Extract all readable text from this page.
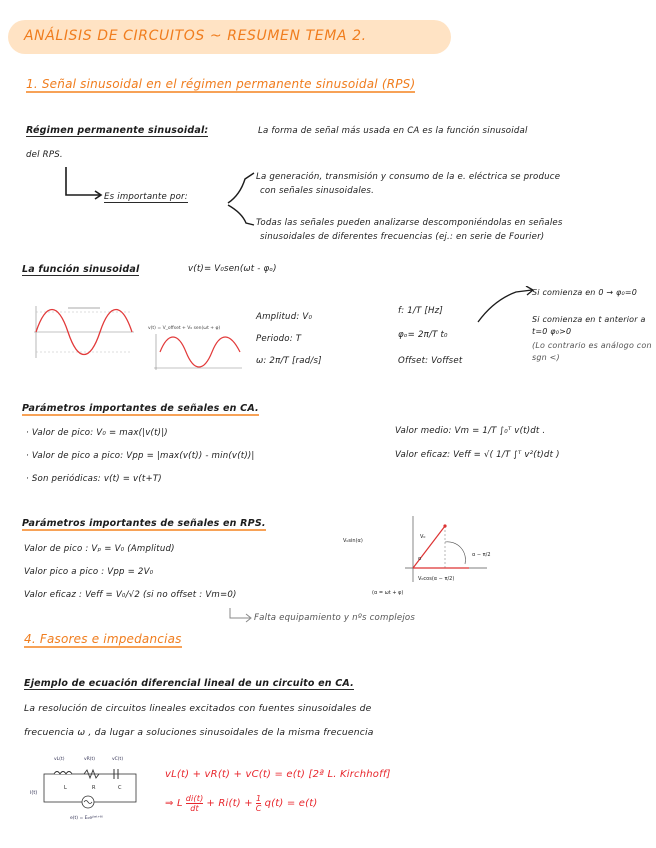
ANÁLISIS DE CIRCUITOS ~ RESUMEN TEMA 2.
1. Señal sinusoidal en el régimen permanente sinusoidal (RPS)
Régimen permanente sinusoidal:	La forma de señal más usada en CA es la función sinusoidal
del RPS.
Es importante por:
La generación, transmisión y consumo de la e. eléctrica se produce
con señales sinusoidales.
Todas las señales pueden analizarse descomponiéndolas en señales
sinusoidales de diferentes frecuencias (ej.: en serie de Fourier)
La función sinusoidal	v(t)= V₀sen(ωt - φₒ)
v(t) = V_offset + V₀ sen(ωt + φ)
Amplitud: V₀
Periodo: T
ω: 2π/T [rad/s]
f: 1/T [Hz]
φₒ= 2π/T t₀
Offset: Voffset
Si comienza en 0 → φ₀=0
Si comienza en t anterior a t=0 φ₀>0
(Lo contrario es análogo con sgn <)
Parámetros importantes de señales en CA.
· Valor de pico: V₀ = max(|v(t)|)
· Valor de pico a pico: Vpp = |max(v(t)) - min(v(t))|
· Son periódicas: v(t) = v(t+T)
Valor medio: Vm = 1/T ∫₀ᵀ v(t)dt .
Valor eficaz: Veff = √( 1/T ∫ᵀ v²(t)dt )
Parámetros importantes de señales en RPS.
Valor de pico : Vₚ = V₀ (Amplitud)
Valor pico a pico : Vpp = 2V₀
Valor eficaz : Veff = V₀/√2 (si no offset : Vm=0)
V₀sin(α)
V₀
α
α − π/2
V₀cos(α − π/2)
(α = ωt + φ)
Falta equipamiento y nºs complejos
4. Fasores e impedancias
Ejemplo de ecuación diferencial lineal de un circuito en CA.
La resolución de circuitos lineales excitados con fuentes sinusoidales de
frecuencia ω , da lugar a soluciones sinusoidales de la misma frecuencia
vL(t)	vR(t)	vC(t)
L	R	C
i(t)
e(t) = E₀eʲ⁽ʷᵗ⁺ᶿ⁾
vL(t) + vR(t) + vC(t) = e(t) [2ª L. Kirchhoff]
⇒ L di(t)
dt + $Ri(t) + \frac{1}{C} q(t) = e(t)$
